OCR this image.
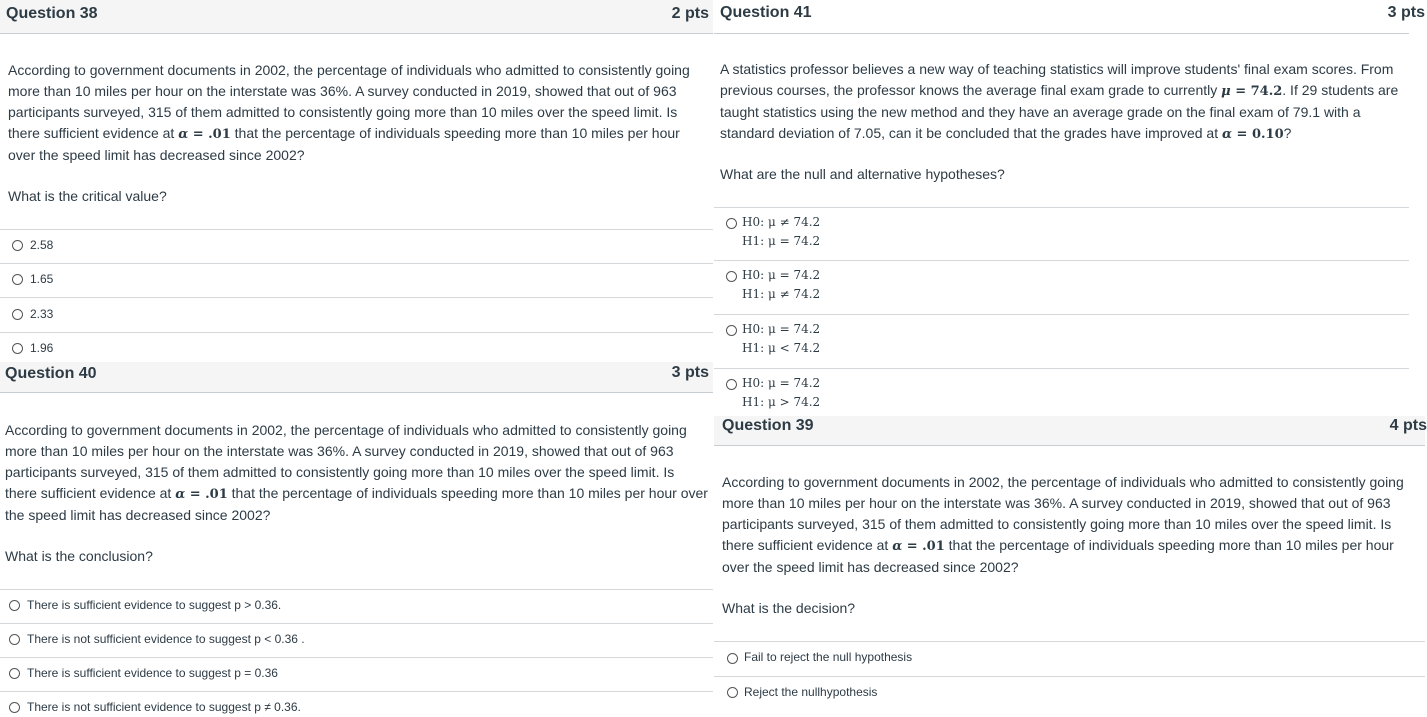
Question 38	2 pts
According to government documents in 2002, the percentage of individuals who admitted to consistently going more than 10 miles per hour on the interstate was 36%. A survey conducted in 2019, showed that out of 963 participants surveyed, 315 of them admitted to consistently going more than 10 miles over the speed limit. Is there sufficient evidence at α = .01 that the percentage of individuals speeding more than 10 miles per hour over the speed limit has decreased since 2002?
What is the critical value?
2.58
1.65
2.33
1.96
Question 40	3 pts
According to government documents in 2002, the percentage of individuals who admitted to consistently going more than 10 miles per hour on the interstate was 36%. A survey conducted in 2019, showed that out of 963 participants surveyed, 315 of them admitted to consistently going more than 10 miles over the speed limit. Is there sufficient evidence at α = .01 that the percentage of individuals speeding more than 10 miles per hour over the speed limit has decreased since 2002?
What is the conclusion?
There is sufficient evidence to suggest p > 0.36.
There is not sufficient evidence to suggest p < 0.36 .
There is sufficient evidence to suggest p = 0.36
There is not sufficient evidence to suggest p ≠ 0.36.
Question 41	3 pts
A statistics professor believes a new way of teaching statistics will improve students' final exam scores. From previous courses, the professor knows the average final exam grade to currently μ = 74.2. If 29 students are taught statistics using the new method and they have an average grade on the final exam of 79.1 with a standard deviation of 7.05, can it be concluded that the grades have improved at α = 0.10?
What are the null and alternative hypotheses?
H0: μ ≠ 74.2
H1: μ = 74.2
H0: μ = 74.2
H1: μ ≠ 74.2
H0: μ = 74.2
H1: μ < 74.2
H0: μ = 74.2
H1: μ > 74.2
Question 39	4 pts
According to government documents in 2002, the percentage of individuals who admitted to consistently going more than 10 miles per hour on the interstate was 36%. A survey conducted in 2019, showed that out of 963 participants surveyed, 315 of them admitted to consistently going more than 10 miles over the speed limit. Is there sufficient evidence at α = .01 that the percentage of individuals speeding more than 10 miles per hour over the speed limit has decreased since 2002?
What is the decision?
Fail to reject the null hypothesis
Reject the nullhypothesis
